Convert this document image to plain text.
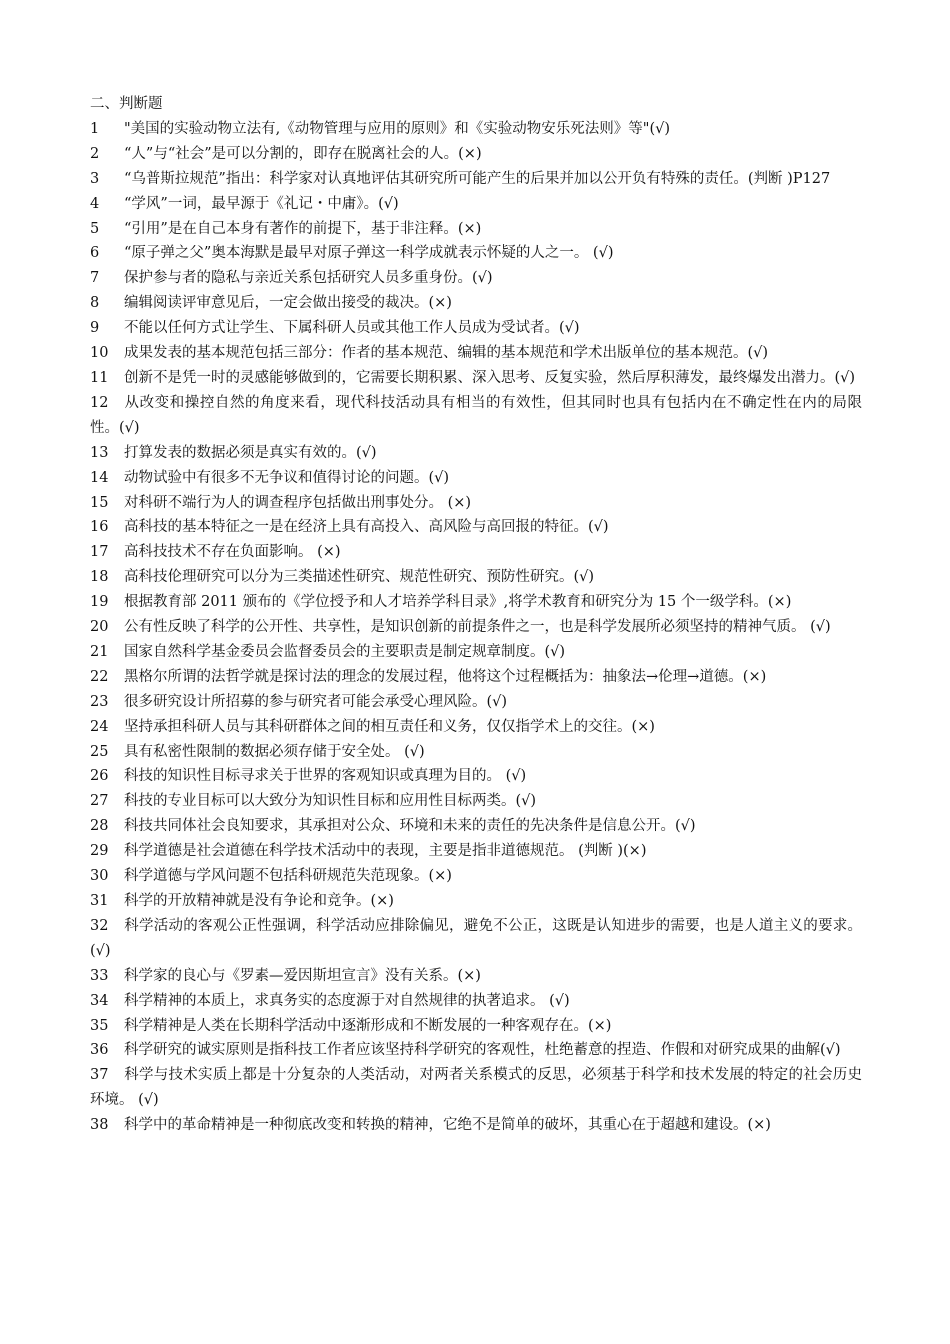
二、判断题
1 "美国的实验动物立法有,《动物管理与应用的原则》和《实验动物安乐死法则》等"(√)
2 “人”与“社会”是可以分割的，即存在脱离社会的人。(×)
3 “乌普斯拉规范”指出：科学家对认真地评估其研究所可能产生的后果并加以公开负有特殊的责任。(判断 )P127
4 “学风”一词，最早源于《礼记・中庸》。(√)
5 “引用”是在自己本身有著作的前提下，基于非注释。(×)
6 “原子弹之父”奥本海默是最早对原子弹这一科学成就表示怀疑的人之一。 (√)
7 保护参与者的隐私与亲近关系包括研究人员多重身份。(√)
8 编辑阅读评审意见后，一定会做出接受的裁决。(×)
9 不能以任何方式让学生、下属科研人员或其他工作人员成为受试者。(√)
10 成果发表的基本规范包括三部分：作者的基本规范、编辑的基本规范和学术出版单位的基本规范。(√)
11 创新不是凭一时的灵感能够做到的，它需要长期积累、深入思考、反复实验，然后厚积薄发，最终爆发出潜力。(√)
12 从改变和操控自然的角度来看，现代科技活动具有相当的有效性，但其同时也具有包括内在不确定性在内的局限性。(√)
13 打算发表的数据必须是真实有效的。(√)
14 动物试验中有很多不无争议和值得讨论的问题。(√)
15 对科研不端行为人的调查程序包括做出刑事处分。 (×)
16 高科技的基本特征之一是在经济上具有高投入、高风险与高回报的特征。(√)
17 高科技技术不存在负面影响。 (×)
18 高科技伦理研究可以分为三类描述性研究、规范性研究、预防性研究。(√)
19 根据教育部 2011 颁布的《学位授予和人才培养学科目录》,将学术教育和研究分为 15 个一级学科。(×)
20 公有性反映了科学的公开性、共享性，是知识创新的前提条件之一，也是科学发展所必须坚持的精神气质。 (√)
21 国家自然科学基金委员会监督委员会的主要职责是制定规章制度。(√)
22 黑格尔所谓的法哲学就是探讨法的理念的发展过程，他将这个过程概括为：抽象法→伦理→道德。(×)
23 很多研究设计所招募的参与研究者可能会承受心理风险。(√)
24 坚持承担科研人员与其科研群体之间的相互责任和义务，仅仅指学术上的交往。(×)
25 具有私密性限制的数据必须存储于安全处。 (√)
26 科技的知识性目标寻求关于世界的客观知识或真理为目的。 (√)
27 科技的专业目标可以大致分为知识性目标和应用性目标两类。(√)
28 科技共同体社会良知要求，其承担对公众、环境和未来的责任的先决条件是信息公开。(√)
29 科学道德是社会道德在科学技术活动中的表现，主要是指非道德规范。 (判断 )(×)
30 科学道德与学风问题不包括科研规范失范现象。(×)
31 科学的开放精神就是没有争论和竞争。(×)
32 科学活动的客观公正性强调，科学活动应排除偏见，避免不公正，这既是认知进步的需要，也是人道主义的要求。(√)
33 科学家的良心与《罗素—爱因斯坦宣言》没有关系。(×)
34 科学精神的本质上，求真务实的态度源于对自然规律的执著追求。 (√)
35 科学精神是人类在长期科学活动中逐渐形成和不断发展的一种客观存在。(×)
36 科学研究的诚实原则是指科技工作者应该坚持科学研究的客观性，杜绝蓄意的捏造、作假和对研究成果的曲解(√)
37 科学与技术实质上都是十分复杂的人类活动，对两者关系模式的反思，必须基于科学和技术发展的特定的社会历史环境。 (√)
38 科学中的革命精神是一种彻底改变和转换的精神，它绝不是简单的破坏，其重心在于超越和建设。(×)
